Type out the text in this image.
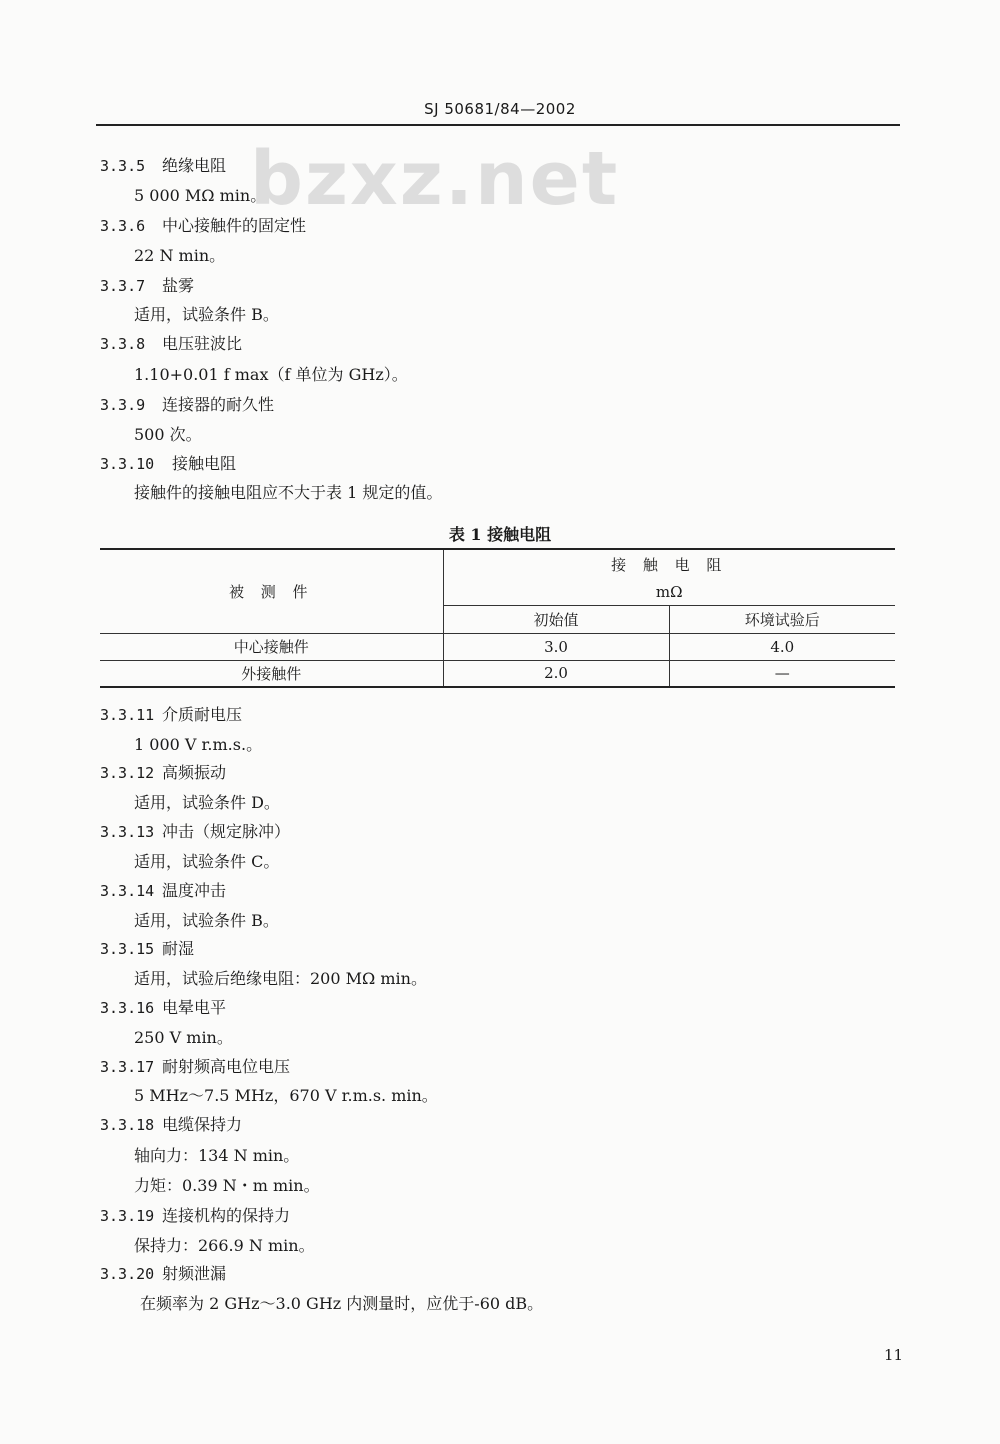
SJ 50681/84—2002
bzxz.net
3.3.5 绝缘电阻
5 000 MΩ min。
3.3.6 中心接触件的固定性
22 N min。
3.3.7 盐雾
适用，试验条件 B。
3.3.8 电压驻波比
1.10+0.01 f max（f 单位为 GHz）。
3.3.9 连接器的耐久性
500 次。
3.3.10 接触电阻
接触件的接触电阻应不大于表 1 规定的值。
表 1 接触电阻
被 测 件	接 触 电 阻	
	mΩ	
	初始值	环境试验后
中心接触件	3.0	4.0
外接触件	2.0	—
3.3.11 介质耐电压
1 000 V r.m.s.。
3.3.12 高频振动
适用，试验条件 D。
3.3.13 冲击（规定脉冲）
适用，试验条件 C。
3.3.14 温度冲击
适用，试验条件 B。
3.3.15 耐湿
适用，试验后绝缘电阻：200 MΩ min。
3.3.16 电晕电平
250 V min。
3.3.17 耐射频高电位电压
5 MHz～7.5 MHz，670 V r.m.s. min。
3.3.18 电缆保持力
轴向力：134 N min。
力矩：0.39 N・m min。
3.3.19 连接机构的保持力
保持力：266.9 N min。
3.3.20 射频泄漏
在频率为 2 GHz～3.0 GHz 内测量时，应优于-60 dB。
11
